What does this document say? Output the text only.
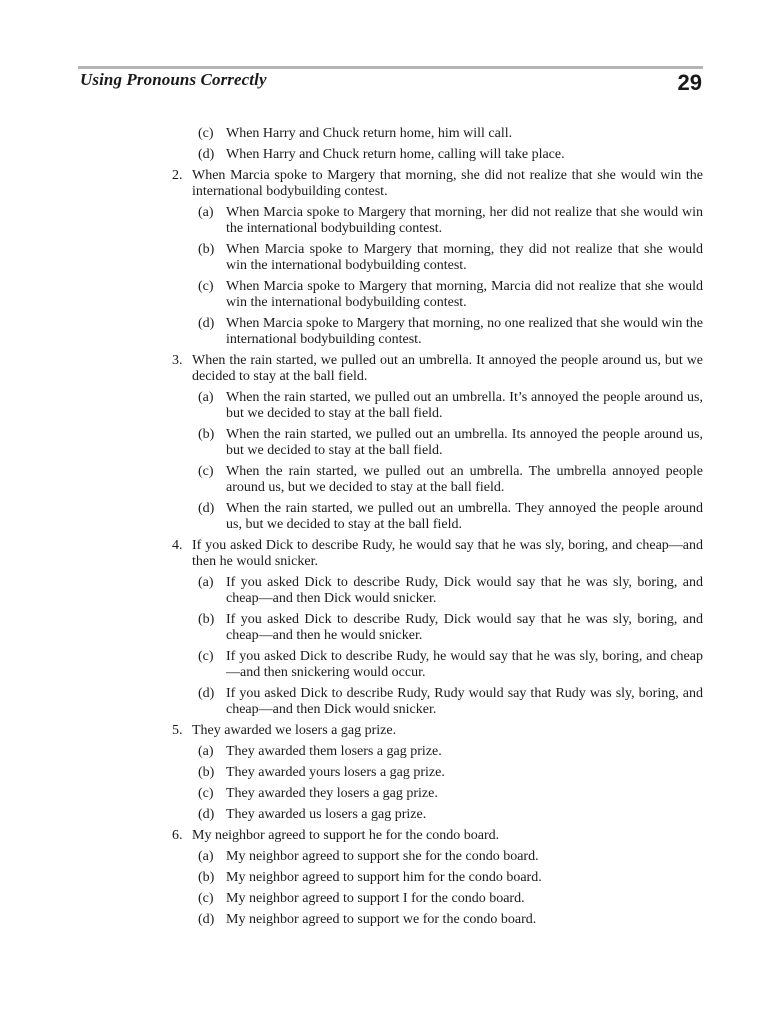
Using Pronouns Correctly	29
(c) When Harry and Chuck return home, him will call.
(d) When Harry and Chuck return home, calling will take place.
2. When Marcia spoke to Margery that morning, she did not realize that she would win the international bodybuilding contest.
(a) When Marcia spoke to Margery that morning, her did not realize that she would win the international bodybuilding contest.
(b) When Marcia spoke to Margery that morning, they did not realize that she would win the international bodybuilding contest.
(c) When Marcia spoke to Margery that morning, Marcia did not realize that she would win the international bodybuilding contest.
(d) When Marcia spoke to Margery that morning, no one realized that she would win the international bodybuilding contest.
3. When the rain started, we pulled out an umbrella. It annoyed the people around us, but we decided to stay at the ball field.
(a) When the rain started, we pulled out an umbrella. It’s annoyed the people around us, but we decided to stay at the ball field.
(b) When the rain started, we pulled out an umbrella. Its annoyed the people around us, but we decided to stay at the ball field.
(c) When the rain started, we pulled out an umbrella. The umbrella annoyed people around us, but we decided to stay at the ball field.
(d) When the rain started, we pulled out an umbrella. They annoyed the people around us, but we decided to stay at the ball field.
4. If you asked Dick to describe Rudy, he would say that he was sly, boring, and cheap—and then he would snicker.
(a) If you asked Dick to describe Rudy, Dick would say that he was sly, boring, and cheap—and then Dick would snicker.
(b) If you asked Dick to describe Rudy, Dick would say that he was sly, boring, and cheap—and then he would snicker.
(c) If you asked Dick to describe Rudy, he would say that he was sly, boring, and cheap—and then snickering would occur.
(d) If you asked Dick to describe Rudy, Rudy would say that Rudy was sly, boring, and cheap—and then Dick would snicker.
5. They awarded we losers a gag prize.
(a) They awarded them losers a gag prize.
(b) They awarded yours losers a gag prize.
(c) They awarded they losers a gag prize.
(d) They awarded us losers a gag prize.
6. My neighbor agreed to support he for the condo board.
(a) My neighbor agreed to support she for the condo board.
(b) My neighbor agreed to support him for the condo board.
(c) My neighbor agreed to support I for the condo board.
(d) My neighbor agreed to support we for the condo board.
